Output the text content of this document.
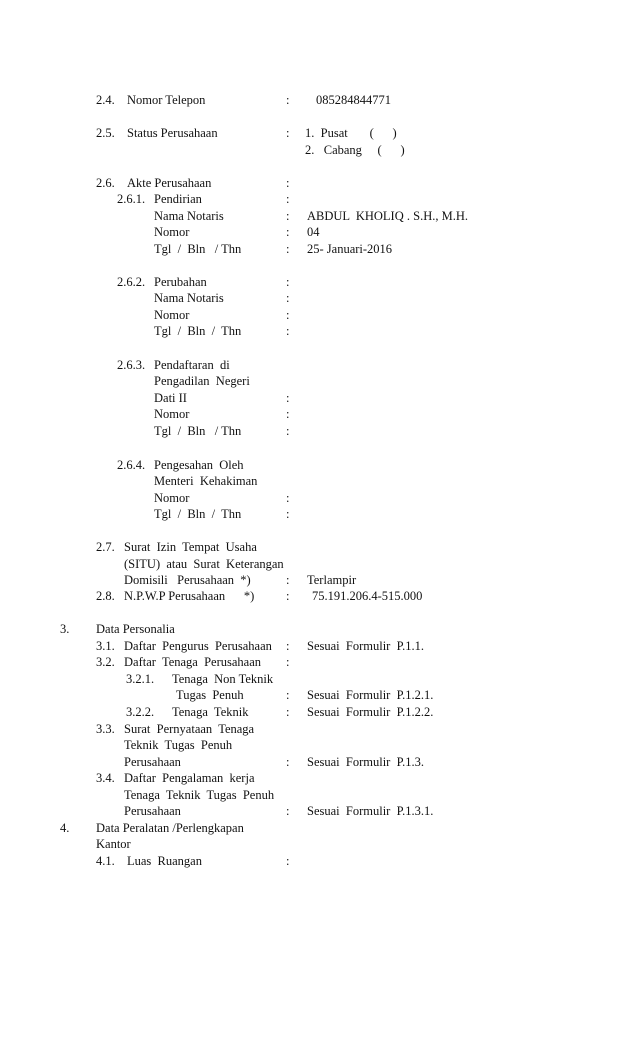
2.4. Nomor Telepon	: 085284844771
2.5. Status Perusahaan	: 1.  Pusat       (      )
2.   Cabang     (      )
2.6. Akte Perusahaan	:
2.6.1. Pendirian	:
Nama Notaris	: ABDUL  KHOLIQ . S.H., M.H.
Nomor	: 04
Tgl  /  Bln   / Thn	: 25- Januari-2016
2.6.2. Perubahan	:
Nama Notaris	:
Nomor	:
Tgl  /  Bln  /  Thn	:
2.6.3. Pendaftaran  di
Pengadilan  Negeri
Dati II	:
Nomor	:
Tgl  /  Bln   / Thn	:
2.6.4. Pengesahan  Oleh
Menteri  Kehakiman
Nomor	:
Tgl  /  Bln  /  Thn	:
2.7. Surat  Izin  Tempat  Usaha
(SITU)  atau  Surat  Keterangan
Domisili   Perusahaan  *)	: Terlampir
2.8. N.P.W.P Perusahaan      *)	: 75.191.206.4-515.000
3. Data Personalia
3.1. Daftar  Pengurus  Perusahaan : Sesuai  Formulir  P.1.1.
3.2. Daftar  Tenaga  Perusahaan :
3.2.1. Tenaga  Non Teknik
Tugas  Penuh	: Sesuai  Formulir  P.1.2.1.
3.2.2. Tenaga  Teknik	: Sesuai  Formulir  P.1.2.2.
3.3. Surat  Pernyataan  Tenaga
Teknik  Tugas  Penuh
Perusahaan	: Sesuai  Formulir  P.1.3.
3.4. Daftar  Pengalaman  kerja
Tenaga  Teknik  Tugas  Penuh
Perusahaan	: Sesuai  Formulir  P.1.3.1.
4. Data Peralatan /Perlengkapan
Kantor
4.1. Luas  Ruangan	:
